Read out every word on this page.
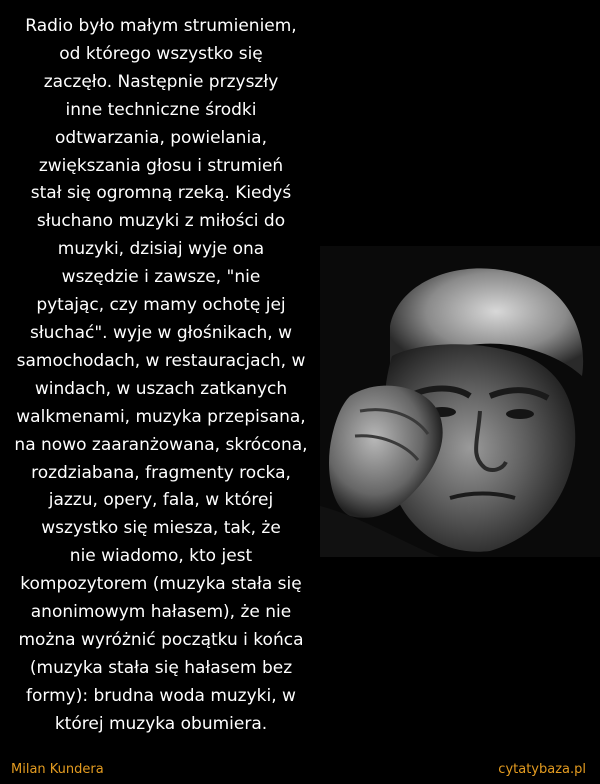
Radio było małym strumieniem,
od którego wszystko się
zaczęło. Następnie przyszły
inne techniczne środki
odtwarzania, powielania,
zwiększania głosu i strumień
stał się ogromną rzeką. Kiedyś
słuchano muzyki z miłości do
muzyki, dzisiaj wyje ona
wszędzie i zawsze, "nie
pytając, czy mamy ochotę jej
słuchać". wyje w głośnikach, w
samochodach, w restauracjach, w
windach, w uszach zatkanych
walkmenami, muzyka przepisana,
na nowo zaaranżowana, skrócona,
rozdziabana, fragmenty rocka,
jazzu, opery, fala, w której
wszystko się miesza, tak, że
nie wiadomo, kto jest
kompozytorem (muzyka stała się
anonimowym hałasem), że nie
można wyróżnić początku i końca
(muzyka stała się hałasem bez
formy): brudna woda muzyki, w
której muzyka obumiera.
Milan Kundera	cytatybaza.pl
